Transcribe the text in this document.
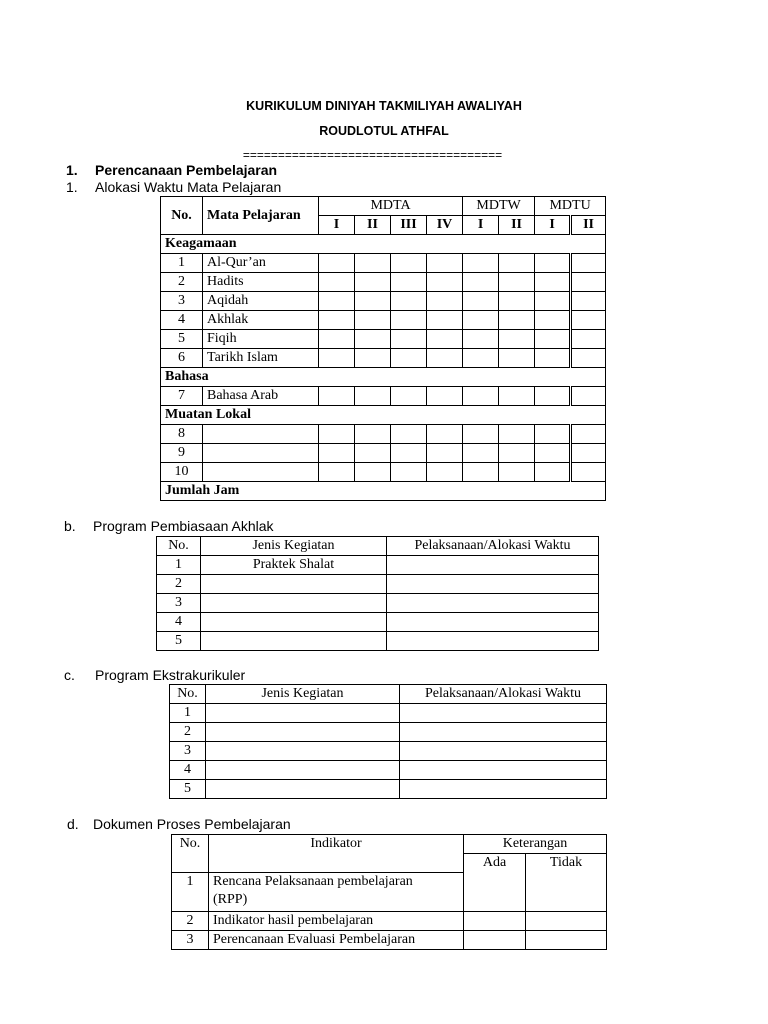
KURIKULUM DINIYAH TAKMILIYAH AWALIYAH
ROUDLOTUL ATHFAL
=====================================
1. Perencanaan Pembelajaran
1. Alokasi Waktu Mata Pelajaran
No.	Mata Pelajaran	MDTA				MDTW		MDTU	
		I	II	III	IV	I	II	I	II
Keagamaan									
1	Al-Qur’an								
2	Hadits								
3	Aqidah								
4	Akhlak								
5	Fiqih								
6	Tarikh Islam								
Bahasa									
7	Bahasa Arab								
Muatan Lokal									
8									
9									
10									
Jumlah Jam									
b. Program Pembiasaan Akhlak
No.	Jenis Kegiatan	Pelaksanaan/Alokasi Waktu
1	Praktek Shalat	
2		
3		
4		
5		
c. Program Ekstrakurikuler
No.	Jenis Kegiatan	Pelaksanaan/Alokasi Waktu
1		
2		
3		
4		
5		
d. Dokumen Proses Pembelajaran
No.	Indikator	Keterangan	
		Ada	Tidak
1	Rencana Pelaksanaan pembelajaran
(RPP)		

2	Indikator hasil pembelajaran		
3	Perencanaan Evaluasi Pembelajaran		
